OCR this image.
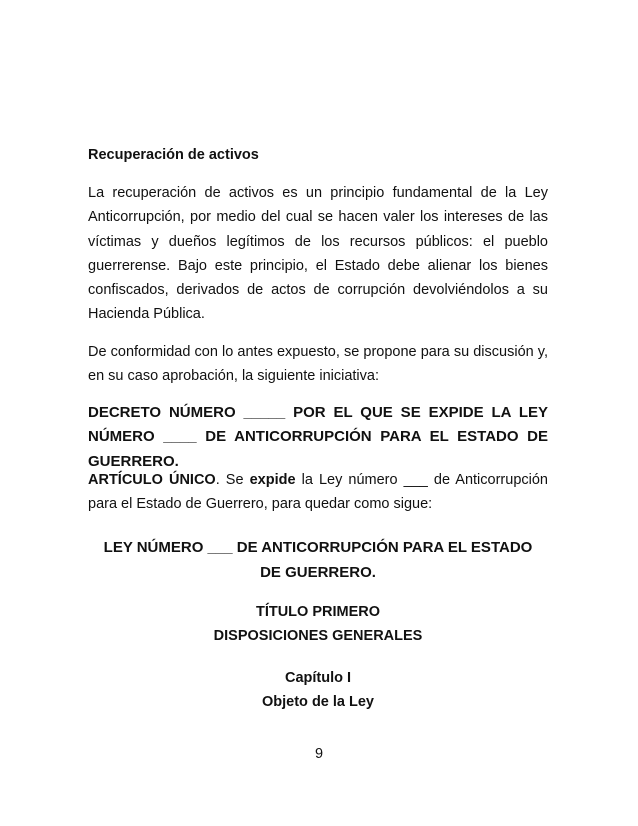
Recuperación de activos
La recuperación de activos es un principio fundamental de la Ley Anticorrupción, por medio del cual se hacen valer los intereses de las víctimas y dueños legítimos de los recursos públicos: el pueblo guerrerense. Bajo este principio, el Estado debe alienar los bienes confiscados, derivados de actos de corrupción devolviéndolos a su Hacienda Pública.
De conformidad con lo antes expuesto, se propone para su discusión y, en su caso aprobación, la siguiente iniciativa:
DECRETO NÚMERO _____ POR EL QUE SE EXPIDE LA LEY NÚMERO ____ DE ANTICORRUPCIÓN PARA EL ESTADO DE GUERRERO.
ARTÍCULO ÚNICO. Se expide la Ley número ___ de Anticorrupción para el Estado de Guerrero, para quedar como sigue:
LEY NÚMERO ___ DE ANTICORRUPCIÓN PARA EL ESTADO DE GUERRERO.
TÍTULO PRIMERO
DISPOSICIONES GENERALES
Capítulo I
Objeto de la Ley
9
